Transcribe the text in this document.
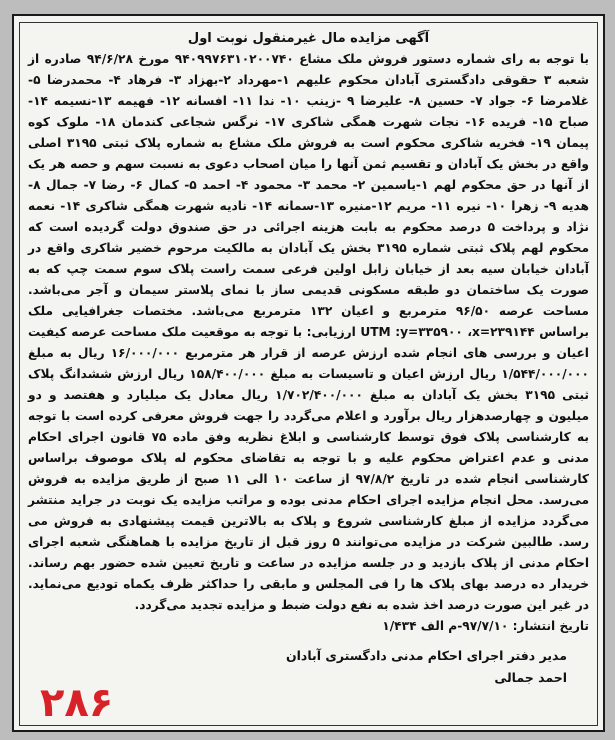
آگهی مزایده مال غیرمنقول نوبت اول

با توجه به رای شماره دستور فروش ملک مشاع ۹۴۰۹۹۷۶۳۱۰۲۰۰۷۴۰ مورخ ۹۴/۶/۲۸ صادره از شعبه ۳ حقوقی دادگستری آبادان محکوم علیهم ۱-مهرداد ۲-بهزاد ۳- فرهاد ۴- محمدرضا ۵- غلامرضا ۶- جواد ۷- حسین ۸- علیرضا ۹ -زینب ۱۰- ندا ۱۱- افسانه ۱۲- فهیمه ۱۳-نسیمه ۱۴- صباح ۱۵- فریده ۱۶- نجات شهرت همگی شاکری ۱۷- نرگس شجاعی کندمان ۱۸- ملوک کوه پیمان ۱۹- فخریه شاکری محکوم است به فروش ملک مشاع به شماره پلاک ثبتی ۳۱۹۵ اصلی واقع در بخش یک آبادان و تقسیم ثمن آنها را میان اصحاب دعوی به نسبت سهم و حصه هر یک از آنها در حق محکوم لهم ۱-یاسمین ۲- محمد ۳- محمود ۴- احمد ۵- کمال ۶- رضا ۷- جمال ۸- هدیه ۹- زهرا ۱۰- نیره ۱۱- مریم ۱۲-منیره ۱۳-سمانه ۱۴- نادیه شهرت همگی شاکری ۱۴- نعمه نژاد و پرداخت ۵ درصد محکوم به بابت هزینه اجرائی در حق صندوق دولت گردیده است که محکوم لهم پلاک ثبتی شماره ۳۱۹۵ بخش یک آبادان به مالکیت مرحوم خضیر شاکری واقع در آبادان خیابان سیه بعد از خیابان زابل اولین فرعی سمت راست پلاک سوم سمت چپ که به صورت یک ساختمان دو طبقه مسکونی قدیمی ساز با نمای پلاستر سیمان و آجر می‌باشد. مساحت عرصه ۹۶/۵۰ مترمربع و اعیان ۱۳۲ مترمربع می‌باشد. مختصات جغرافیایی ملک براساس UTM :y=۳۳۵۹۰۰ ،x=۲۳۹۱۴۴ ارزیابی: با توجه به موقعیت ملک مساحت عرصه کیفیت اعیان و بررسی های انجام شده ارزش عرصه از قرار هر مترمربع ۱۶/۰۰۰/۰۰۰ ریال به مبلغ ۱/۵۴۴/۰۰۰/۰۰۰ ریال ارزش اعیان و تاسیسات به مبلغ ۱۵۸/۴۰۰/۰۰۰ ریال ارزش ششدانگ پلاک ثبتی ۳۱۹۵ بخش یک آبادان به مبلغ ۱/۷۰۲/۴۰۰/۰۰۰ ریال معادل یک میلیارد و هفتصد و دو میلیون و چهارصدهزار ریال برآورد و اعلام می‌گردد را جهت فروش معرفی کرده است با توجه به کارشناسی پلاک فوق توسط کارشناسی و ابلاغ نظریه وفق ماده ۷۵ قانون اجرای احکام مدنی و عدم اعتراض محکوم علیه و با توجه به تقاضای محکوم له پلاک موصوف براساس کارشناسی انجام شده در تاریخ ۹۷/۸/۲ از ساعت ۱۰ الی ۱۱ صبح از طریق مزایده به فروش می‌رسد. محل انجام مزایده اجرای احکام مدنی بوده و مراتب مزایده یک نوبت در جراید منتشر می‌گردد مزایده از مبلغ کارشناسی شروع و پلاک به بالاترین قیمت پیشنهادی به فروش می رسد. طالبین شرکت در مزایده می‌توانند ۵ روز قبل از تاریخ مزایده با هماهنگی شعبه اجرای احکام مدنی از پلاک بازدید و در جلسه مزایده در ساعت و تاریخ تعیین شده حضور بهم رساند. خریدار ده درصد بهای پلاک ها را فی المجلس و مابقی را حداکثر ظرف یکماه تودیع می‌نماید. در غیر این صورت درصد اخذ شده به نفع دولت ضبط و مزایده تجدید می‌گردد.

تاریخ انتشار: ۹۷/۷/۱۰-م الف ۱/۴۳۴

مدیر دفتر اجرای احکام مدنی دادگستری آبادان
احمد جمالی
۲۸۶
